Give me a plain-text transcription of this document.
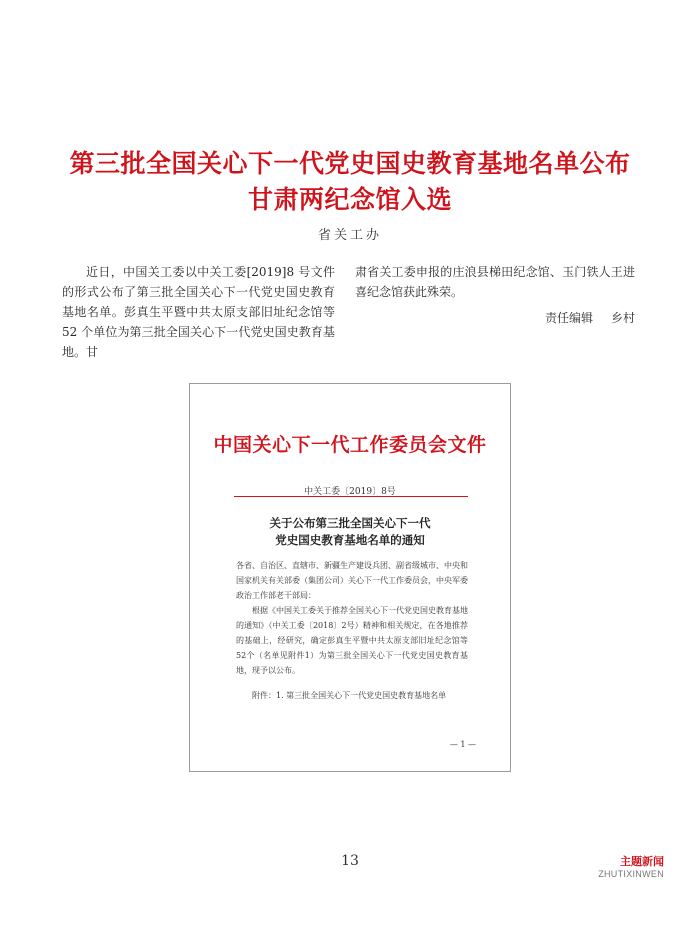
第三批全国关心下一代党史国史教育基地名单公布
甘肃两纪念馆入选
省关工办

近日，中国关工委以中关工委[2019]8 号文件的形式公布了第三批全国关心下一代党史国史教育基地名单。彭真生平暨中共太原支部旧址纪念馆等 52 个单位为第三批全国关心下一代党史国史教育基地。甘

肃省关工委申报的庄浪县梯田纪念馆、玉门铁人王进喜纪念馆获此殊荣。

责任编辑 乡村

中国关心下一代工作委员会文件
中关工委〔2019〕8号
关于公布第三批全国关心下一代
党史国史教育基地名单的通知

各省、自治区、直辖市、新疆生产建设兵团、副省级城市、中央和国家机关有关部委（集团公司）关心下一代工作委员会，中央军委政治工作部老干部局：

根据《中国关工委关于推荐全国关心下一代党史国史教育基地的通知》（中关工委〔2018〕2号）精神和相关规定，在各地推荐的基础上，经研究，确定彭真生平暨中共太原支部旧址纪念馆等52个（名单见附件1）为第三批全国关心下一代党史国史教育基地，现予以公布。

附件：1. 第三批全国关心下一代党史国史教育基地名单
— 1 —
13	主题新闻
ZHUTIXINWEN
